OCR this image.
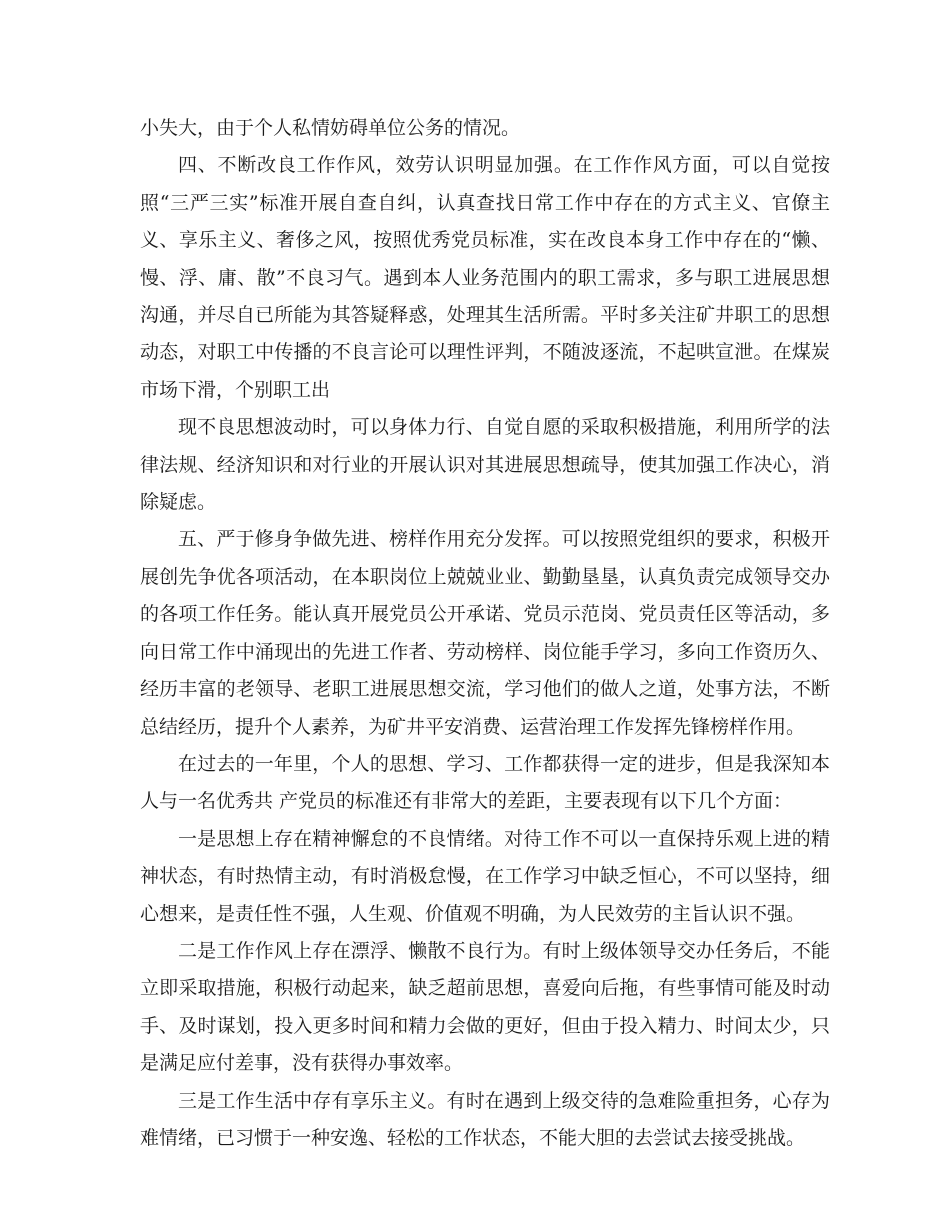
小失大，由于个人私情妨碍单位公务的情况。

四、不断改良工作作风，效劳认识明显加强。在工作作风方面，可以自觉按照“三严三实”标准开展自查自纠，认真查找日常工作中存在的方式主义、官僚主义、享乐主义、奢侈之风，按照优秀党员标准，实在改良本身工作中存在的“懒、慢、浮、庸、散”不良习气。遇到本人业务范围内的职工需求，多与职工进展思想沟通，并尽自已所能为其答疑释惑，处理其生活所需。平时多关注矿井职工的思想动态，对职工中传播的不良言论可以理性评判，不随波逐流，不起哄宣泄。在煤炭市场下滑，个别职工出

现不良思想波动时，可以身体力行、自觉自愿的采取积极措施，利用所学的法律法规、经济知识和对行业的开展认识对其进展思想疏导，使其加强工作决心，消除疑虑。

五、严于修身争做先进、榜样作用充分发挥。可以按照党组织的要求，积极开展创先争优各项活动，在本职岗位上兢兢业业、勤勤垦垦，认真负责完成领导交办的各项工作任务。能认真开展党员公开承诺、党员示范岗、党员责任区等活动，多向日常工作中涌现出的先进工作者、劳动榜样、岗位能手学习，多向工作资历久、经历丰富的老领导、老职工进展思想交流，学习他们的做人之道，处事方法，不断总结经历，提升个人素养，为矿井平安消费、运营治理工作发挥先锋榜样作用。

在过去的一年里，个人的思想、学习、工作都获得一定的进步，但是我深知本人与一名优秀共 产党员的标准还有非常大的差距，主要表现有以下几个方面：

一是思想上存在精神懈怠的不良情绪。对待工作不可以一直保持乐观上进的精神状态，有时热情主动，有时消极怠慢，在工作学习中缺乏恒心，不可以坚持，细心想来，是责任性不强，人生观、价值观不明确，为人民效劳的主旨认识不强。

二是工作作风上存在漂浮、懒散不良行为。有时上级体领导交办任务后，不能立即采取措施，积极行动起来，缺乏超前思想，喜爱向后拖，有些事情可能及时动手、及时谋划，投入更多时间和精力会做的更好，但由于投入精力、时间太少，只是满足应付差事，没有获得办事效率。

三是工作生活中存有享乐主义。有时在遇到上级交待的急难险重担务，心存为难情绪，已习惯于一种安逸、轻松的工作状态，不能大胆的去尝试去接受挑战。
